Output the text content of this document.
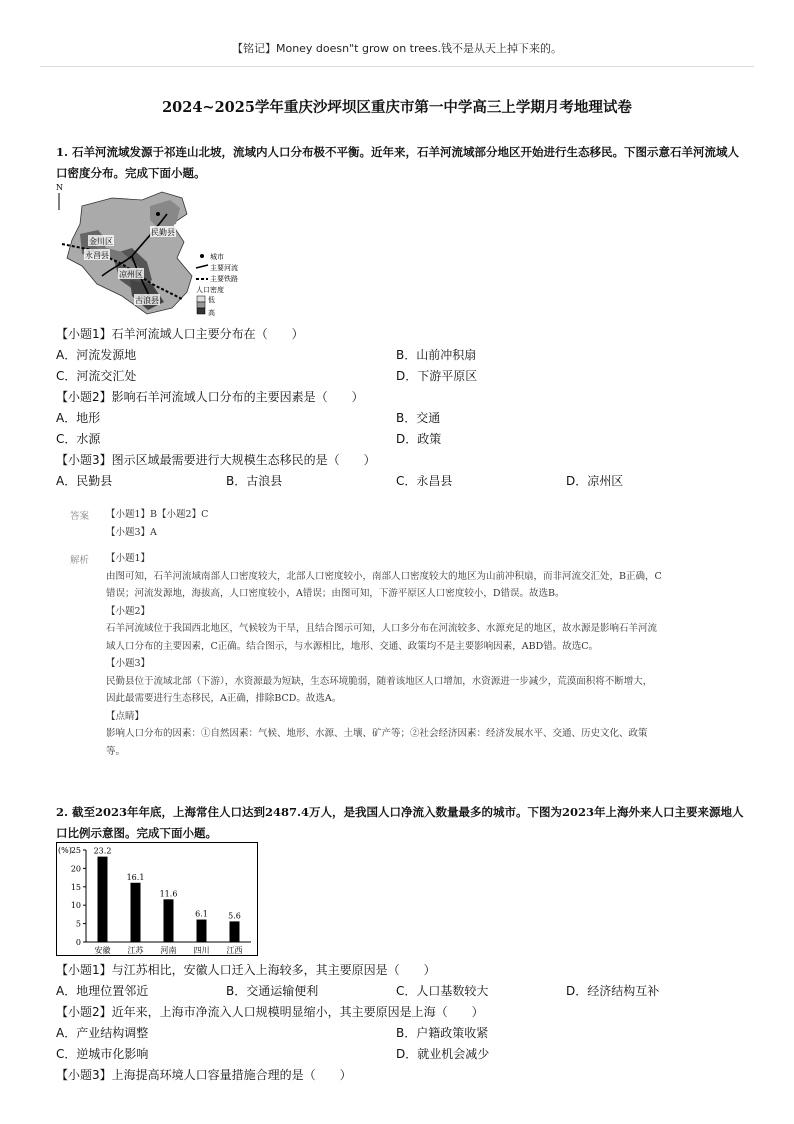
【铭记】Money doesn"t grow on trees.钱不是从天上掉下来的。
2024~2025学年重庆沙坪坝区重庆市第一中学高三上学期月考地理试卷
1. 石羊河流域发源于祁连山北坡，流域内人口分布极不平衡。近年来，石羊河流域部分地区开始进行生态移民。下图示意石羊河流域人口密度分布。完成下面小题。
N
民勤县
金川区
永昌县
凉州区
古浪县
城市
主要河流
主要铁路
人口密度
低
高
【小题1】石羊河流域人口主要分布在（　　）
A．河流发源地	B．山前冲积扇
C．河流交汇处	D．下游平原区
【小题2】影响石羊河流域人口分布的主要因素是（　　）
A．地形	B．交通
C．水源	D．政策
【小题3】图示区域最需要进行大规模生态移民的是（　　）
A．民勤县	B．古浪县	C．永昌县	D．凉州区
答案 【小题1】B【小题2】C
【小题3】A
解析 【小题1】
由图可知，石羊河流域南部人口密度较大，北部人口密度较小，南部人口密度较大的地区为山前冲积扇，而非河流交汇处，B正确，C
错误；河流发源地，海拔高，人口密度较小，A错误；由图可知，下游平原区人口密度较小，D错误。故选B。
【小题2】
石羊河流域位于我国西北地区，气候较为干旱，且结合图示可知，人口多分布在河流较多、水源充足的地区，故水源是影响石羊河流
域人口分布的主要因素，C正确。结合图示，与水源相比，地形、交通、政策均不是主要影响因素，ABD错。故选C。
【小题3】
民勤县位于流域北部（下游），水资源最为短缺，生态环境脆弱，随着该地区人口增加，水资源进一步减少，荒漠面积将不断增大，
因此最需要进行生态移民，A正确，排除BCD。故选A。
【点睛】
影响人口分布的因素：①自然因素：气候、地形、水源、土壤、矿产等；②社会经济因素：经济发展水平、交通、历史文化、政策
等。
2. 截至2023年年底，上海常住人口达到2487.4万人，是我国人口净流入数量最多的城市。下图为2023年上海外来人口主要来源地人口比例示意图。完成下面小题。
(%)
0
5
10
15
20
25 23.2
安徽
16.1
江苏
11.6
河南
6.1
四川
5.6
江西
【小题1】与江苏相比，安徽人口迁入上海较多，其主要原因是（　　）
A．地理位置邻近	B．交通运输便利	C．人口基数较大	D．经济结构互补
【小题2】近年来，上海市净流入人口规模明显缩小，其主要原因是上海（　　）
A．产业结构调整	B．户籍政策收紧
C．逆城市化影响	D．就业机会减少
【小题3】上海提高环境人口容量措施合理的是（　　）
